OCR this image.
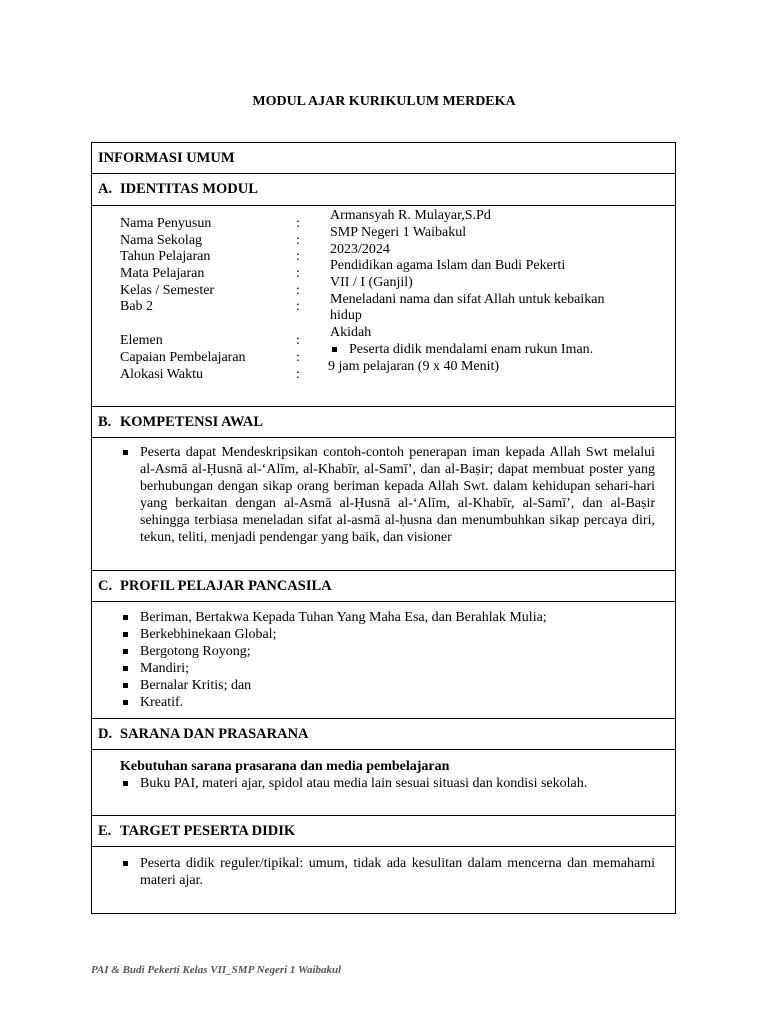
MODUL AJAR KURIKULUM MERDEKA
INFORMASI UMUM
A. IDENTITAS MODUL
Nama Penyusun
Nama Sekolag
Tahun Pelajaran
Mata Pelajaran
Kelas / Semester
Bab 2
Elemen
Capaian Pembelajaran
Alokasi Waktu
:
:
:
:
:
:
:
:
:
Armansyah R. Mulayar,S.Pd
SMP Negeri 1 Waibakul
2023/2024
Pendidikan agama Islam dan Budi Pekerti
VII / I (Ganjil)
Meneladani nama dan sifat Allah untuk kebaikan
hidup
Akidah
Peserta didik mendalami enam rukun Iman.
9 jam pelajaran (9 x 40 Menit)
B. KOMPETENSI AWAL
Peserta dapat Mendeskripsikan contoh-contoh penerapan iman kepada Allah Swt melalui al-Asmā al-Ḥusnā al-‘Alīm, al-Khabīr, al-Samī’, dan al-Baṣir; dapat membuat poster yang berhubungan dengan sikap orang beriman kepada Allah Swt. dalam kehidupan sehari-hari yang berkaitan dengan al-Asmā al-Ḥusnā al-‘Alīm, al-Khabīr, al-Samī’, dan al-Baṣir sehingga terbiasa meneladan sifat al-asmā al-ḥusna dan menumbuhkan sikap percaya diri, tekun, teliti, menjadi pendengar yang baik, dan visioner
C. PROFIL PELAJAR PANCASILA
Beriman, Bertakwa Kepada Tuhan Yang Maha Esa, dan Berahlak Mulia;
Berkebhinekaan Global;
Bergotong Royong;
Mandiri;
Bernalar Kritis; dan
Kreatif.
D. SARANA DAN PRASARANA
Kebutuhan sarana prasarana dan media pembelajaran
Buku PAI, materi ajar, spidol atau media lain sesuai situasi dan kondisi sekolah.
E. TARGET PESERTA DIDIK
Peserta didik reguler/tipikal: umum, tidak ada kesulitan dalam mencerna dan memahami materi ajar.
PAI & Budi Pekerti Kelas VII_SMP Negeri 1 Waibakul
